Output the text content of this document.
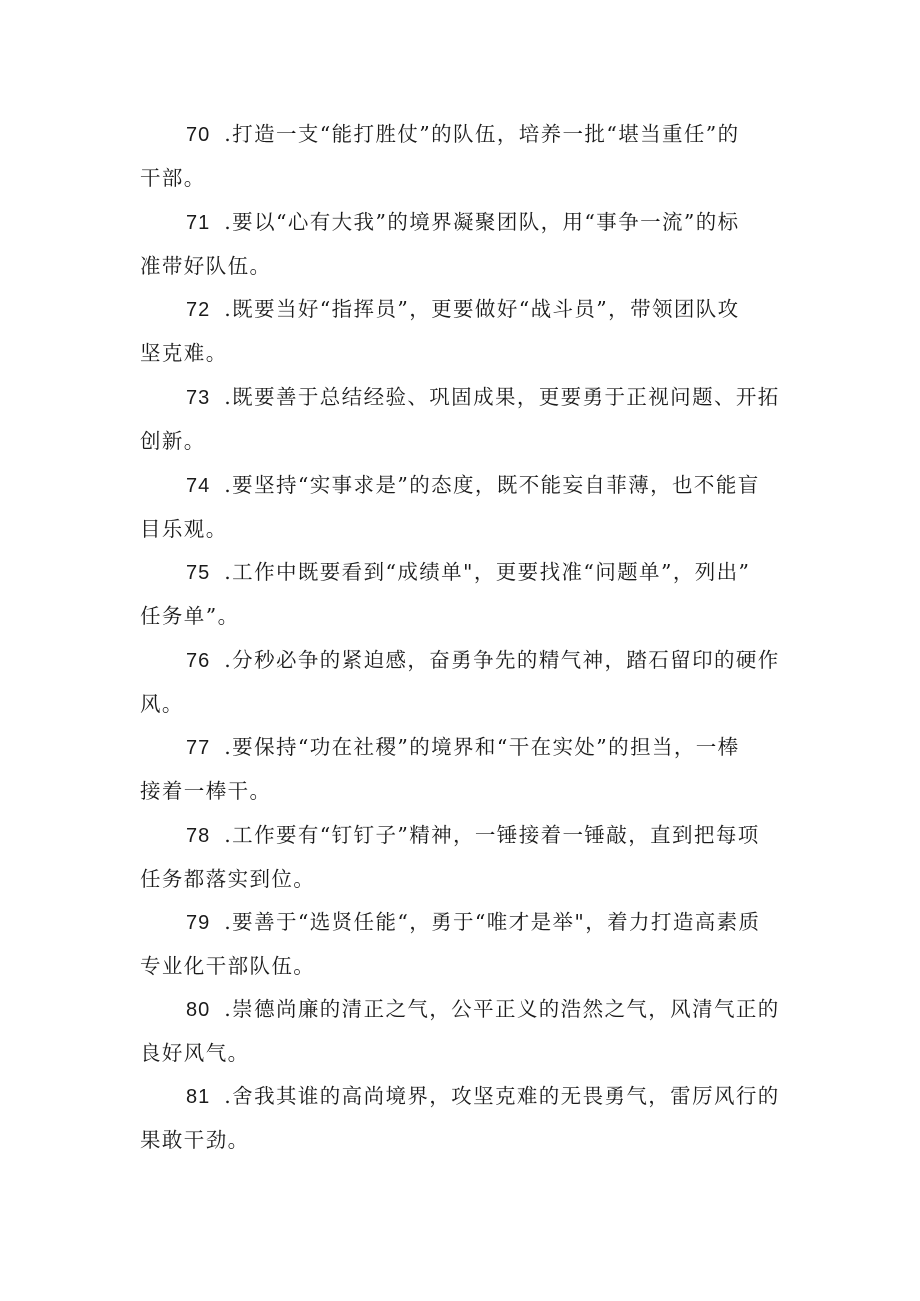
70 .打造一支“能打胜仗”的队伍，培养一批“堪当重任”的
干部。
71 .要以“心有大我”的境界凝聚团队，用“事争一流”的标
准带好队伍。
72 .既要当好“指挥员”，更要做好“战斗员”，带领团队攻
坚克难。
73 .既要善于总结经验、巩固成果，更要勇于正视问题、开拓
创新。
74 .要坚持“实事求是”的态度，既不能妄自菲薄，也不能盲
目乐观。
75 .工作中既要看到“成绩单"，更要找准“问题单”，列出”
任务单”。
76 .分秒必争的紧迫感，奋勇争先的精气神，踏石留印的硬作
风。
77 .要保持“功在社稷”的境界和“干在实处”的担当，一棒
接着一棒干。
78 .工作要有“钉钉子”精神，一锤接着一锤敲，直到把每项
任务都落实到位。
79 .要善于“选贤任能“，勇于“唯才是举"，着力打造高素质
专业化干部队伍。
80 .崇德尚廉的清正之气，公平正义的浩然之气，风清气正的
良好风气。
81 .舍我其谁的高尚境界，攻坚克难的无畏勇气，雷厉风行的
果敢干劲。
